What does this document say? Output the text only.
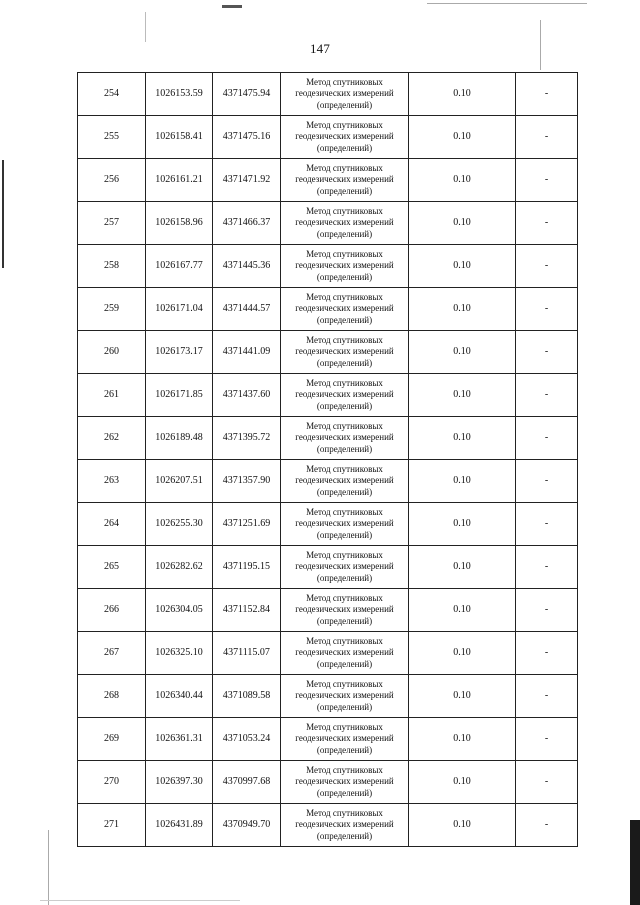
147
254	1026153.59	4371475.94	Метод спутниковых
геодезических измерений
(определений)	0.10	-
255	1026158.41	4371475.16	Метод спутниковых
геодезических измерений
(определений)	0.10	-
256	1026161.21	4371471.92	Метод спутниковых
геодезических измерений
(определений)	0.10	-
257	1026158.96	4371466.37	Метод спутниковых
геодезических измерений
(определений)	0.10	-
258	1026167.77	4371445.36	Метод спутниковых
геодезических измерений
(определений)	0.10	-
259	1026171.04	4371444.57	Метод спутниковых
геодезических измерений
(определений)	0.10	-
260	1026173.17	4371441.09	Метод спутниковых
геодезических измерений
(определений)	0.10	-
261	1026171.85	4371437.60	Метод спутниковых
геодезических измерений
(определений)	0.10	-
262	1026189.48	4371395.72	Метод спутниковых
геодезических измерений
(определений)	0.10	-
263	1026207.51	4371357.90	Метод спутниковых
геодезических измерений
(определений)	0.10	-
264	1026255.30	4371251.69	Метод спутниковых
геодезических измерений
(определений)	0.10	-
265	1026282.62	4371195.15	Метод спутниковых
геодезических измерений
(определений)	0.10	-
266	1026304.05	4371152.84	Метод спутниковых
геодезических измерений
(определений)	0.10	-
267	1026325.10	4371115.07	Метод спутниковых
геодезических измерений
(определений)	0.10	-
268	1026340.44	4371089.58	Метод спутниковых
геодезических измерений
(определений)	0.10	-
269	1026361.31	4371053.24	Метод спутниковых
геодезических измерений
(определений)	0.10	-
270	1026397.30	4370997.68	Метод спутниковых
геодезических измерений
(определений)	0.10	-
271	1026431.89	4370949.70	Метод спутниковых
геодезических измерений
(определений)	0.10	-
